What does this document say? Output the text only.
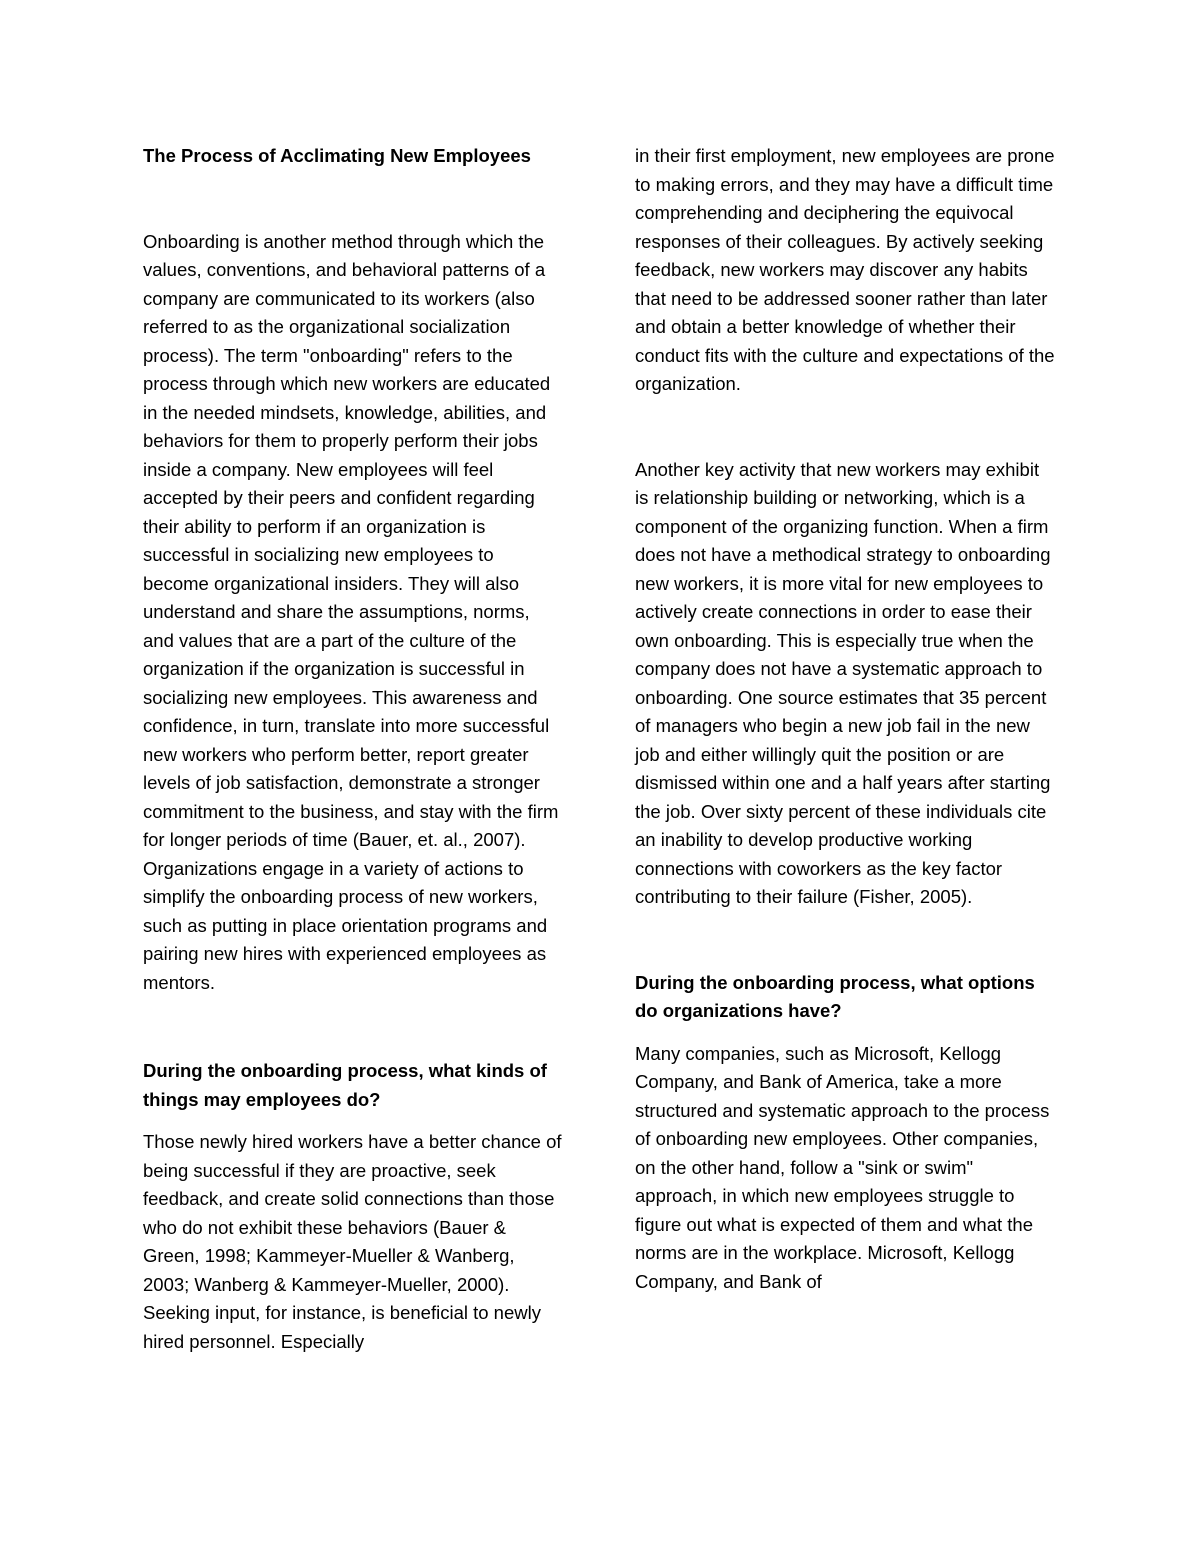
The Process of Acclimating New Employees

Onboarding is another method through which the values, conventions, and behavioral patterns of a company are communicated to its workers (also referred to as the organizational socialization process). The term "onboarding" refers to the process through which new workers are educated in the needed mindsets, knowledge, abilities, and behaviors for them to properly perform their jobs inside a company. New employees will feel accepted by their peers and confident regarding their ability to perform if an organization is successful in socializing new employees to become organizational insiders. They will also understand and share the assumptions, norms, and values that are a part of the culture of the organization if the organization is successful in socializing new employees. This awareness and confidence, in turn, translate into more successful new workers who perform better, report greater levels of job satisfaction, demonstrate a stronger commitment to the business, and stay with the firm for longer periods of time (Bauer, et. al., 2007). Organizations engage in a variety of actions to simplify the onboarding process of new workers, such as putting in place orientation programs and pairing new hires with experienced employees as mentors.

During the onboarding process, what kinds of things may employees do?

Those newly hired workers have a better chance of being successful if they are proactive, seek feedback, and create solid connections than those who do not exhibit these behaviors (Bauer & Green, 1998; Kammeyer-Mueller & Wanberg, 2003; Wanberg & Kammeyer-Mueller, 2000). Seeking input, for instance, is beneficial to newly hired personnel. Especially

in their first employment, new employees are prone to making errors, and they may have a difficult time comprehending and deciphering the equivocal responses of their colleagues. By actively seeking feedback, new workers may discover any habits that need to be addressed sooner rather than later and obtain a better knowledge of whether their conduct fits with the culture and expectations of the organization.

Another key activity that new workers may exhibit is relationship building or networking, which is a component of the organizing function. When a firm does not have a methodical strategy to onboarding new workers, it is more vital for new employees to actively create connections in order to ease their own onboarding. This is especially true when the company does not have a systematic approach to onboarding. One source estimates that 35 percent of managers who begin a new job fail in the new job and either willingly quit the position or are dismissed within one and a half years after starting the job. Over sixty percent of these individuals cite an inability to develop productive working connections with coworkers as the key factor contributing to their failure (Fisher, 2005).

During the onboarding process, what options do organizations have?

Many companies, such as Microsoft, Kellogg Company, and Bank of America, take a more structured and systematic approach to the process of onboarding new employees. Other companies, on the other hand, follow a "sink or swim" approach, in which new employees struggle to figure out what is expected of them and what the norms are in the workplace. Microsoft, Kellogg Company, and Bank of
